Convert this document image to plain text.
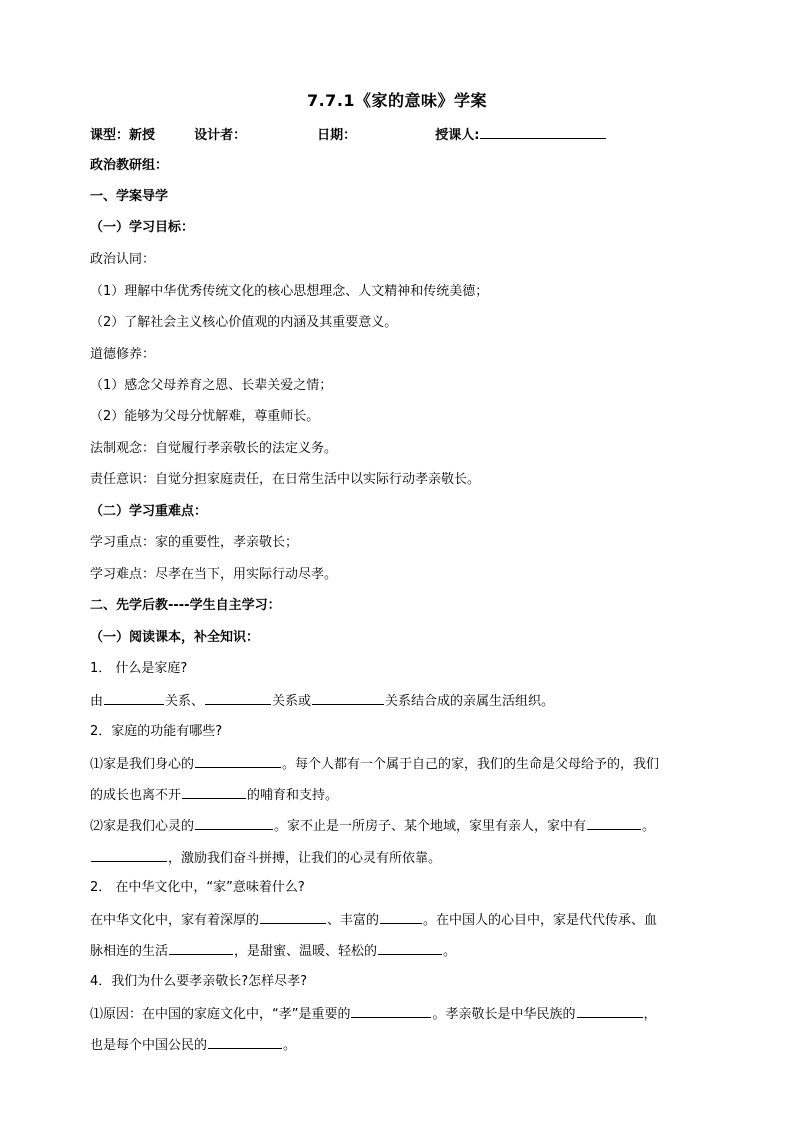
7.7.1《家的意味》学案
课型：新授	设计者：	日期：	授课人:
政治教研组：
一、学案导学
（一）学习目标：
政治认同：
（1）理解中华优秀传统文化的核心思想理念、人文精神和传统美德；
（2）了解社会主义核心价值观的内涵及其重要意义。
道德修养：
（1）感念父母养育之恩、长辈关爱之情；
（2）能够为父母分忧解难，尊重师长。
法制观念：自觉履行孝亲敬长的法定义务。
责任意识：自觉分担家庭责任，在日常生活中以实际行动孝亲敬长。
（二）学习重难点：
学习重点：家的重要性，孝亲敬长；
学习难点：尽孝在当下，用实际行动尽孝。
二、先学后教----学生自主学习：
（一）阅读课本，补全知识：
1． 什么是家庭?
由	关系、	关系或	关系结合成的亲属生活组织。
2．家庭的功能有哪些?
⑴家是我们身心的	。每个人都有一个属于自己的家，我们的生命是父母给予的，我们
的成长也离不开	的哺育和支持。
⑵家是我们心灵的	。家不止是一所房子、某个地域，家里有亲人，家中有	。
，激励我们奋斗拼搏，让我们的心灵有所依靠。
2． 在中华文化中，“家”意味着什么?
在中华文化中，家有着深厚的	、丰富的	。在中国人的心目中，家是代代传承、血
脉相连的生活	，是甜蜜、温暖、轻松的	。
4．我们为什么要孝亲敬长?怎样尽孝?
⑴原因：在中国的家庭文化中，“孝”是重要的	。孝亲敬长是中华民族的	，
也是每个中国公民的	。
